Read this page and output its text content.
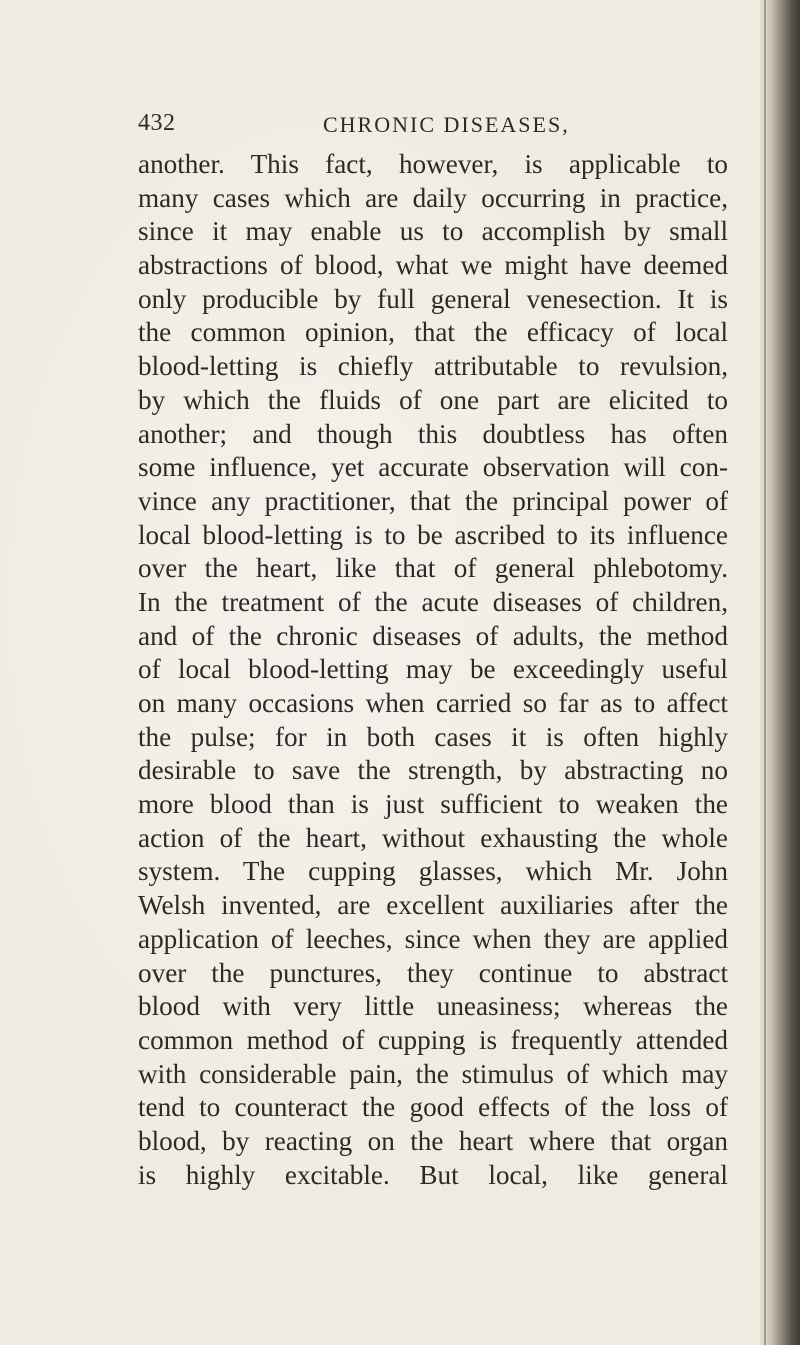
432	CHRONIC DISEASES,
another. This fact, however, is applicable to
many cases which are daily occurring in practice,
since it may enable us to accomplish by small
abstractions of blood, what we might have deemed
only producible by full general venesection. It is
the common opinion, that the efficacy of local
blood-letting is chiefly attributable to revulsion,
by which the fluids of one part are elicited to
another; and though this doubtless has often
some influence, yet accurate observation will con-
vince any practitioner, that the principal power of
local blood-letting is to be ascribed to its influence
over the heart, like that of general phlebotomy.
In the treatment of the acute diseases of children,
and of the chronic diseases of adults, the method
of local blood-letting may be exceedingly useful
on many occasions when carried so far as to affect
the pulse; for in both cases it is often highly
desirable to save the strength, by abstracting no
more blood than is just sufficient to weaken the
action of the heart, without exhausting the whole
system. The cupping glasses, which Mr. John
Welsh invented, are excellent auxiliaries after the
application of leeches, since when they are applied
over the punctures, they continue to abstract
blood with very little uneasiness; whereas the
common method of cupping is frequently attended
with considerable pain, the stimulus of which may
tend to counteract the good effects of the loss of
blood, by reacting on the heart where that organ
is highly excitable. But local, like general
